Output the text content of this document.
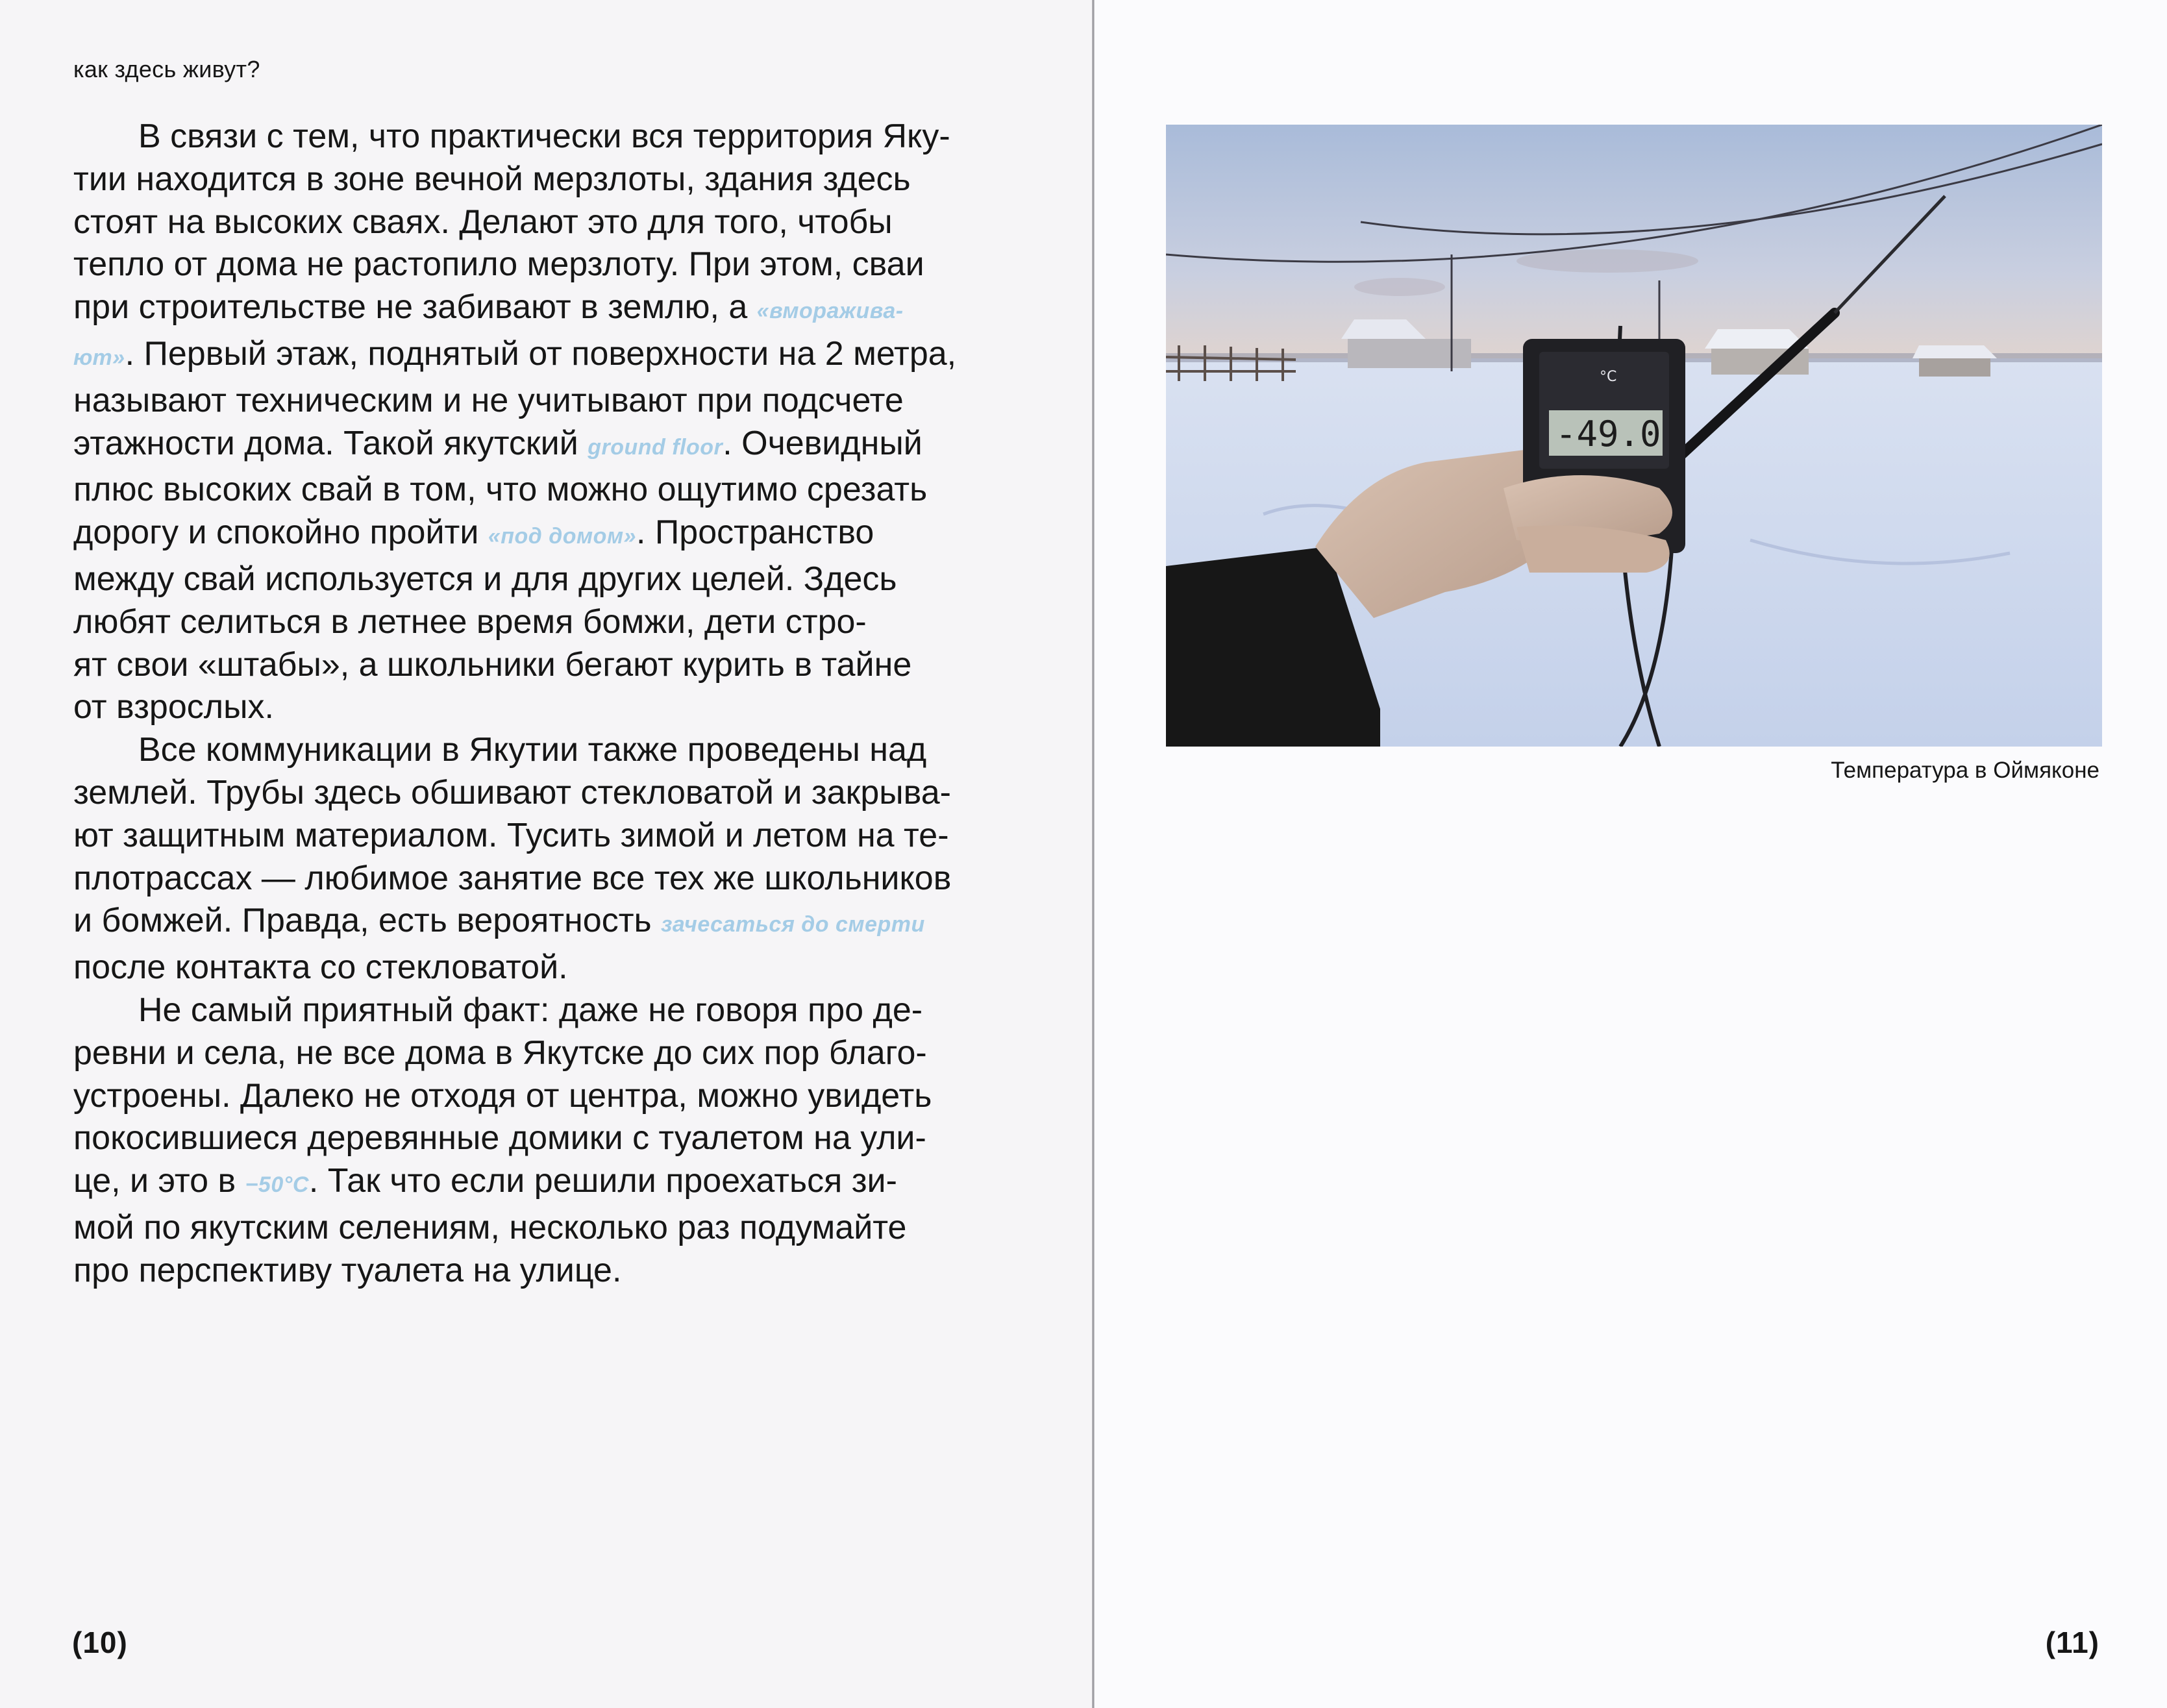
как здесь живут?
В связи с тем, что практически вся территория Яку-
тии находится в зоне вечной мерзлоты, здания здесь
стоят на высоких сваях. Делают это для того, чтобы
тепло от дома не растопило мерзлоту. При этом, сваи
при строительстве не забивают в землю, а «вморажива-
ют». Первый этаж, поднятый от поверхности на 2 метра,
называют техническим и не учитывают при подсчете
этажности дома. Такой якутский ground floor. Очевидный
плюс высоких свай в том, что можно ощутимо срезать
дорогу и спокойно пройти «под домом». Пространство
между свай используется и для других целей. Здесь
любят селиться в летнее время бомжи, дети стро-
ят свои «штабы», а школьники бегают курить в тайне
от взрослых.
Все коммуникации в Якутии также проведены над
землей. Трубы здесь обшивают стекловатой и закрыва-
ют защитным материалом. Тусить зимой и летом на те-
плотрассах — любимое занятие все тех же школьников
и бомжей. Правда, есть вероятность зачесаться до смерти
после контакта со стекловатой.
Не самый приятный факт: даже не говоря про де-
ревни и села, не все дома в Якутске до сих пор благо-
устроены. Далеко не отходя от центра, можно увидеть
покосившиеся деревянные домики с туалетом на ули-
це, и это в −50°С. Так что если решили проехаться зи-
мой по якутским селениям, несколько раз подумайте
про перспективу туалета на улице.
(10)	(11)
Температура в Оймяконе
°C
-49.0
